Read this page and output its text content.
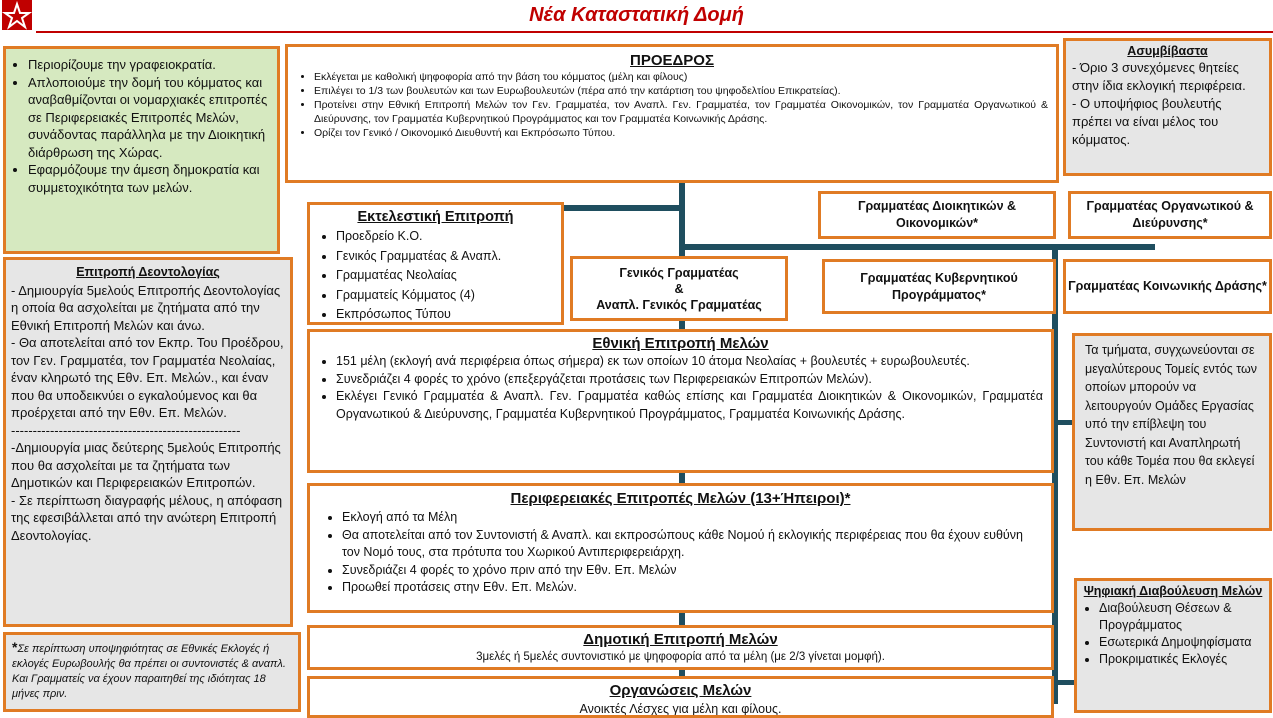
Νέα Καταστατική Δομή
• Περιορίζουμε την γραφειοκρατία.
• Απλοποιούμε την δομή του κόμματος και αναβαθμίζονται οι νομαρχιακές επιτροπές σε Περιφερειακές Επιτροπές Μελών, συνάδοντας παράλληλα με την Διοικητική διάρθρωση της Χώρας.
• Εφαρμόζουμε την άμεση δημοκρατία και συμμετοχικότητα των μελών.
Επιτροπή Δεοντολογίας

- Δημιουργία 5μελούς Επιτροπής Δεοντολογίας η οποία θα ασχολείται με ζητήματα από την Εθνική Επιτροπή Μελών και άνω.

- Θα αποτελείται από τον Εκπρ. Του Προέδρου, τον Γεν. Γραμματέα, τον Γραμματέα Νεολαίας, έναν κληρωτό της Εθν. Επ. Μελών., και έναν που θα υποδεικνύει ο εγκαλούμενος και θα προέρχεται από την Εθν. Επ. Μελών.

-----------------------------------------------------

-Δημιουργία μιας δεύτερης 5μελούς Επιτροπής που θα ασχολείται με τα ζητήματα των Δημοτικών και Περιφερειακών Επιτροπών.

- Σε περίπτωση διαγραφής μέλους, η απόφαση της εφεσιβάλλεται από την ανώτερη Επιτροπή Δεοντολογίας.

*Σε περίπτωση υποψηφιότητας σε Εθνικές Εκλογές ή εκλογές Ευρωβουλής θα πρέπει οι συντονιστές & αναπλ. Και Γραμματείς να έχουν παραιτηθεί της ιδιότητας 18 μήνες πριν.
ΠΡΟΕΔΡΟΣ
• Εκλέγεται με καθολική ψηφοφορία από την βάση του κόμματος (μέλη και φίλους)
• Επιλέγει το 1/3 των βουλευτών και των Ευρωβουλευτών (πέρα από την κατάρτιση του ψηφοδελτίου Επικρατείας).
• Προτείνει στην Εθνική Επιτροπή Μελών τον Γεν. Γραμματέα, τον Αναπλ. Γεν. Γραμματέα, τον Γραμματέα Οικονομικών, τον Γραμματέα Οργανωτικού & Διεύρυνσης, τον Γραμματέα Κυβερνητικού Προγράμματος και τον Γραμματέα Κοινωνικής Δράσης.
• Ορίζει τον Γενικό / Οικονομικό Διευθυντή και Εκπρόσωπο Τύπου.
Ασυμβίβαστα

- Όριο 3 συνεχόμενες θητείες στην ίδια εκλογική περιφέρεια.

- Ο υποψήφιος βουλευτής πρέπει να είναι μέλος του κόμματος.

Εκτελεστική Επιτροπή
• Προεδρείο Κ.Ο.
• Γενικός Γραμματέας & Αναπλ.
• Γραμματέας Νεολαίας
• Γραμματείς Κόμματος (4)
• Εκπρόσωπος Τύπου
Γραμματέας Διοικητικών & Οικονομικών*
Γραμματέας Οργανωτικού & Διεύρυνσης*
Γενικός Γραμματέας
&
Αναπλ. Γενικός Γραμματέας
Γραμματέας Κυβερνητικού Προγράμματος*
Γραμματέας Κοινωνικής Δράσης*
Εθνική Επιτροπή Μελών
• 151 μέλη (εκλογή ανά περιφέρεια όπως σήμερα) εκ των οποίων 10 άτομα Νεολαίας + βουλευτές + ευρωβουλευτές.
• Συνεδριάζει 4 φορές το χρόνο (επεξεργάζεται προτάσεις των Περιφερειακών Επιτροπών Μελών).
• Εκλέγει Γενικό Γραμματέα & Αναπλ. Γεν. Γραμματέα καθώς επίσης και Γραμματέα Διοικητικών & Οικονομικών, Γραμματέα Οργανωτικού & Διεύρυνσης, Γραμματέα Κυβερνητικού Προγράμματος, Γραμματέα Κοινωνικής Δράσης.

Τα τμήματα, συγχωνεύονται σε μεγαλύτερους Τομείς εντός των οποίων μπορούν να λειτουργούν Ομάδες Εργασίας υπό την επίβλεψη του Συντονιστή και Αναπληρωτή του κάθε Τομέα που θα εκλεγεί η Εθν. Επ. Μελών

Περιφερειακές Επιτροπές Μελών (13+Ήπειροι)*
• Εκλογή από τα Μέλη
• Θα αποτελείται από τον Συντονιστή & Αναπλ. και εκπροσώπους κάθε Νομού ή εκλογικής περιφέρειας που θα έχουν ευθύνη τον Νομό τους, στα πρότυπα του Χωρικού Αντιπεριφερειάρχη.
• Συνεδριάζει 4 φορές το χρόνο πριν από την Εθν. Επ. Μελών
• Προωθεί προτάσεις στην Εθν. Επ. Μελών.	Ψηφιακή Διαβούλευση Μελών
• Διαβούλευση Θέσεων & Προγράμματος
• Εσωτερικά Δημοψηφίσματα
• Προκριματικές Εκλογές
Δημοτική Επιτροπή Μελών
3μελές ή 5μελές συντονιστικό με ψηφοφορία από τα μέλη (με 2/3 γίνεται μομφή).
Οργανώσεις Μελών
Ανοικτές Λέσχες για μέλη και φίλους.
